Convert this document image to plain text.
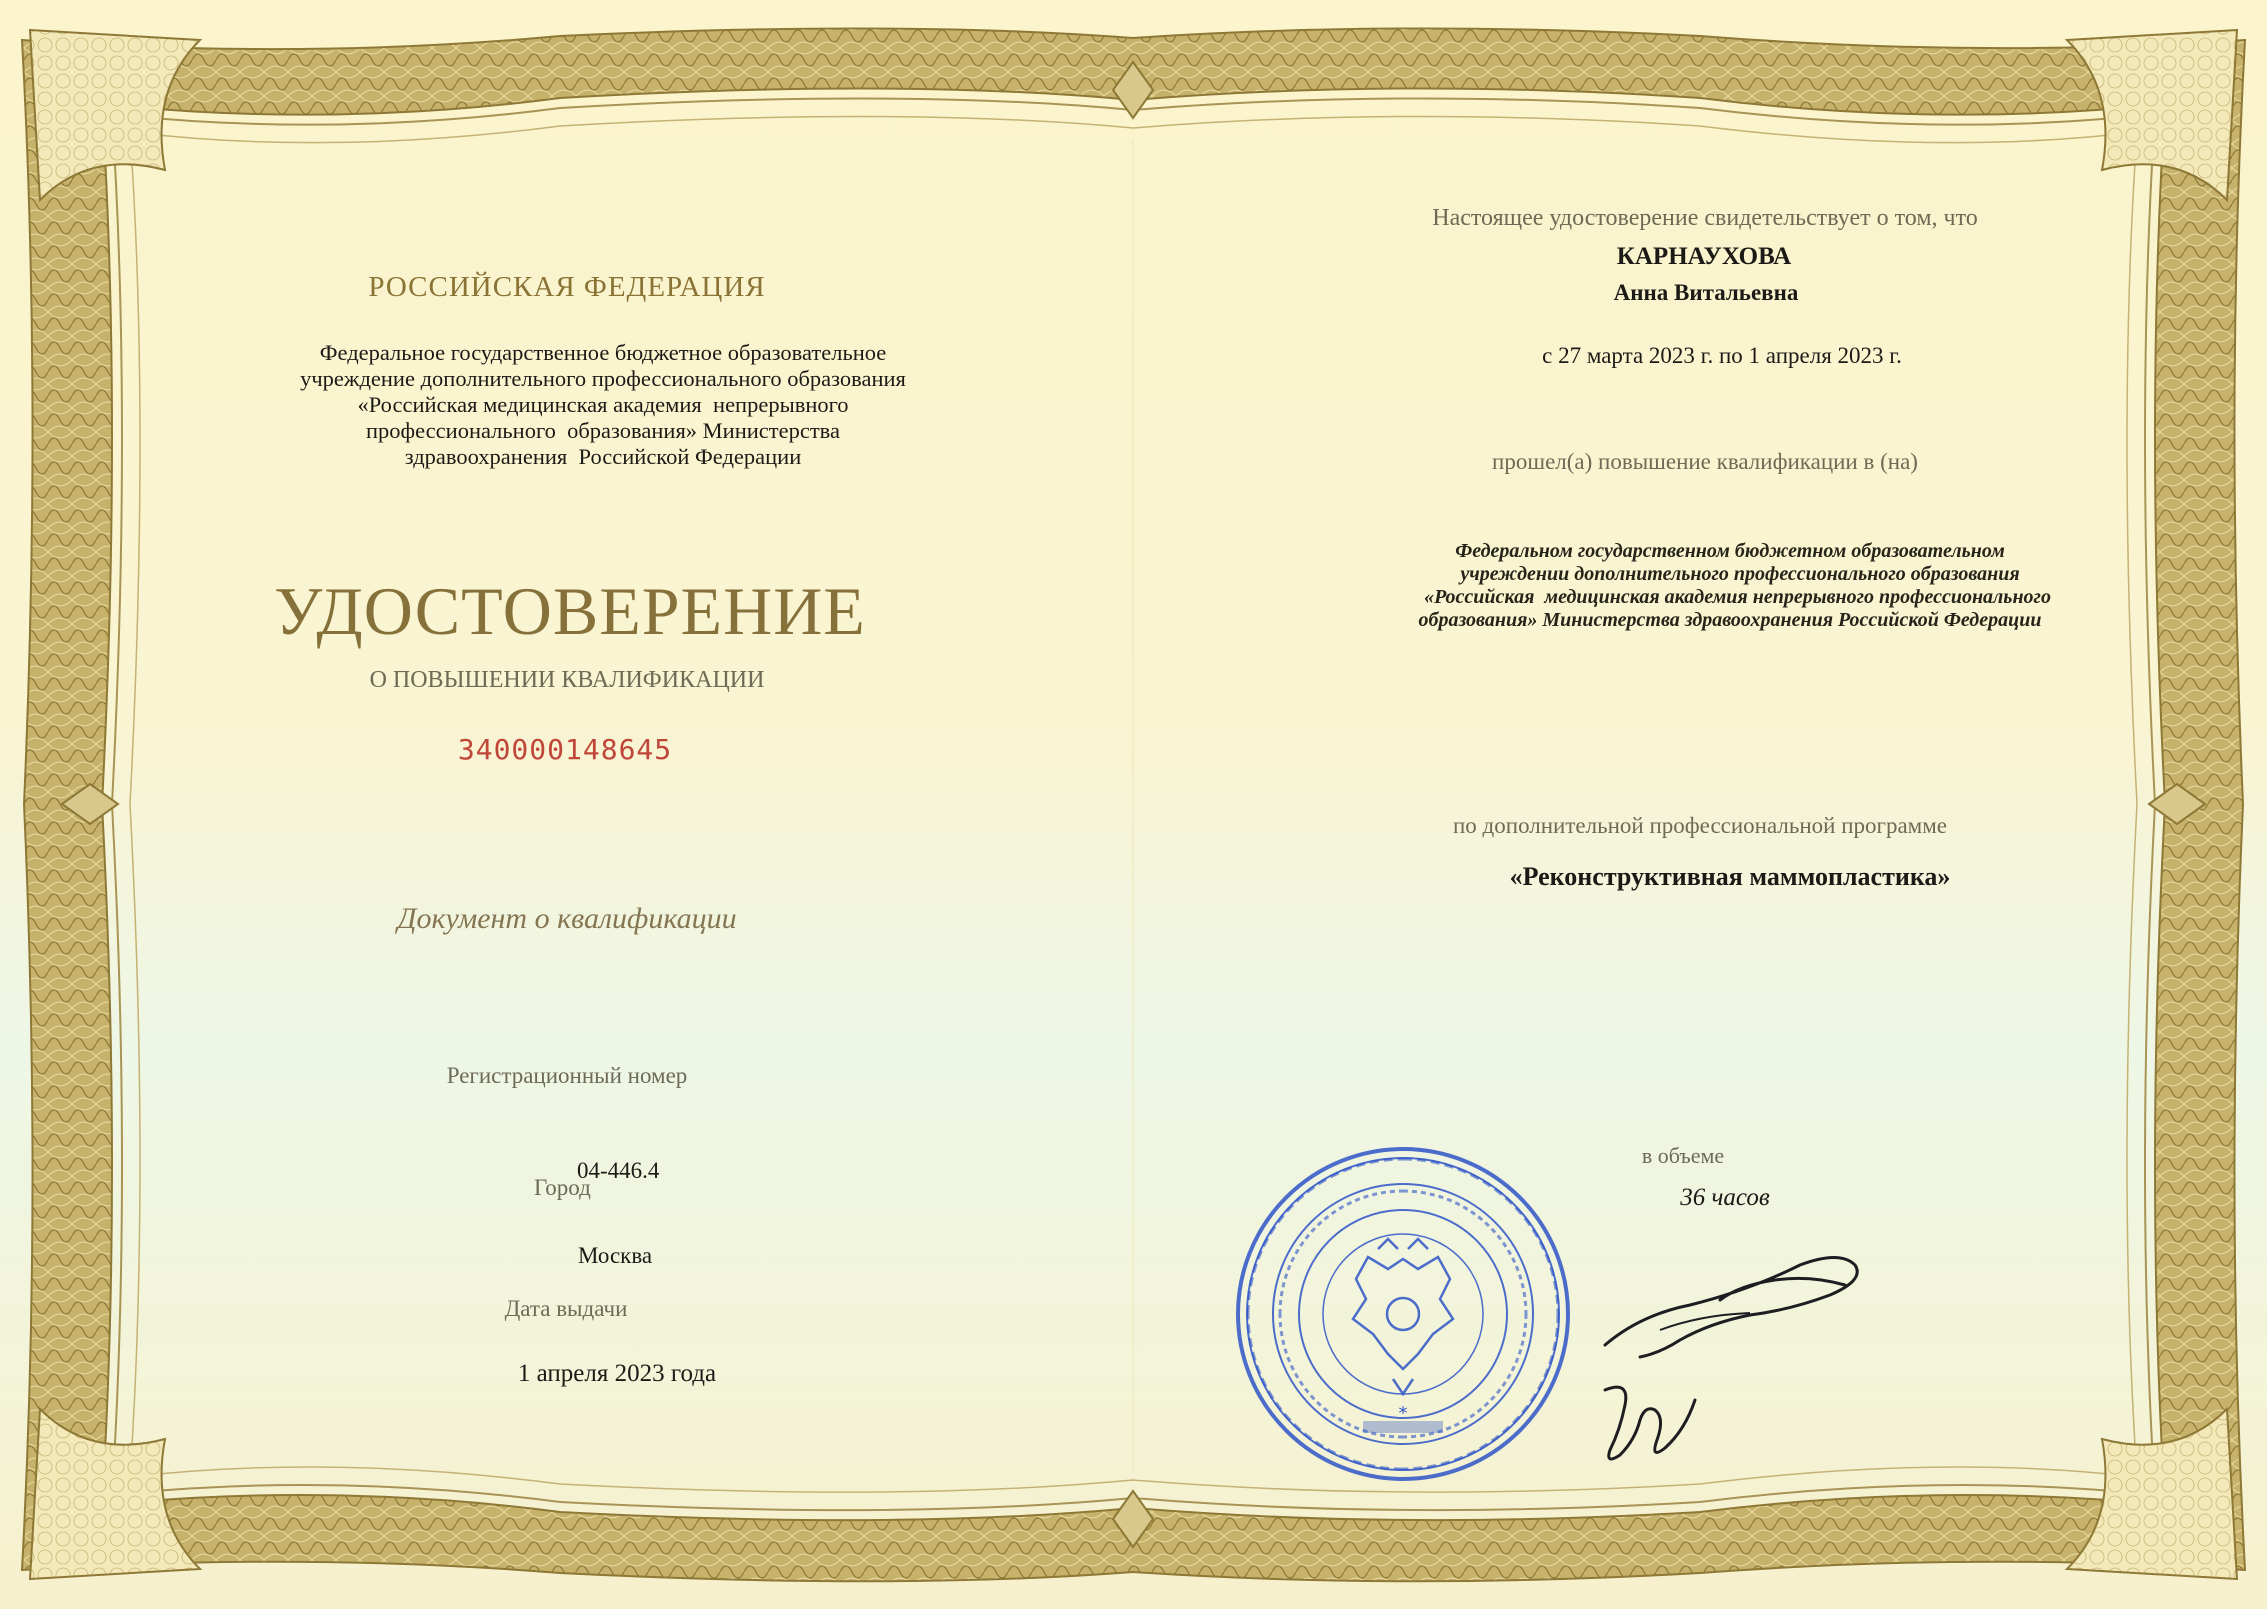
РОССИЙСКАЯ ФЕДЕРАЦИЯ
Федеральное государственное бюджетное образовательное
учреждение дополнительного профессионального образования
«Российская медицинская академия  непрерывного
профессионального  образования» Министерства
здравоохранения  Российской Федерации
УДОСТОВЕРЕНИЕ
О ПОВЫШЕНИИ КВАЛИФИКАЦИИ
340000148645
Документ о квалификации
Регистрационный номер
04-446.4
Город
Москва
Дата выдачи
1 апреля 2023 года
Настоящее удостоверение свидетельствует о том, что
КАРНАУХОВА
Анна Витальевна
с 27 марта 2023 г. по 1 апреля 2023 г.
прошел(а) повышение квалификации в (на)
Федеральном государственном бюджетном образовательном
учреждении дополнительного профессионального образования
«Российская  медицинская академия непрерывного профессионального
образования» Министерства здравоохранения Российской Федерации
по дополнительной профессиональной программе
«Реконструктивная маммопластика»
в объеме
36 часов
*
